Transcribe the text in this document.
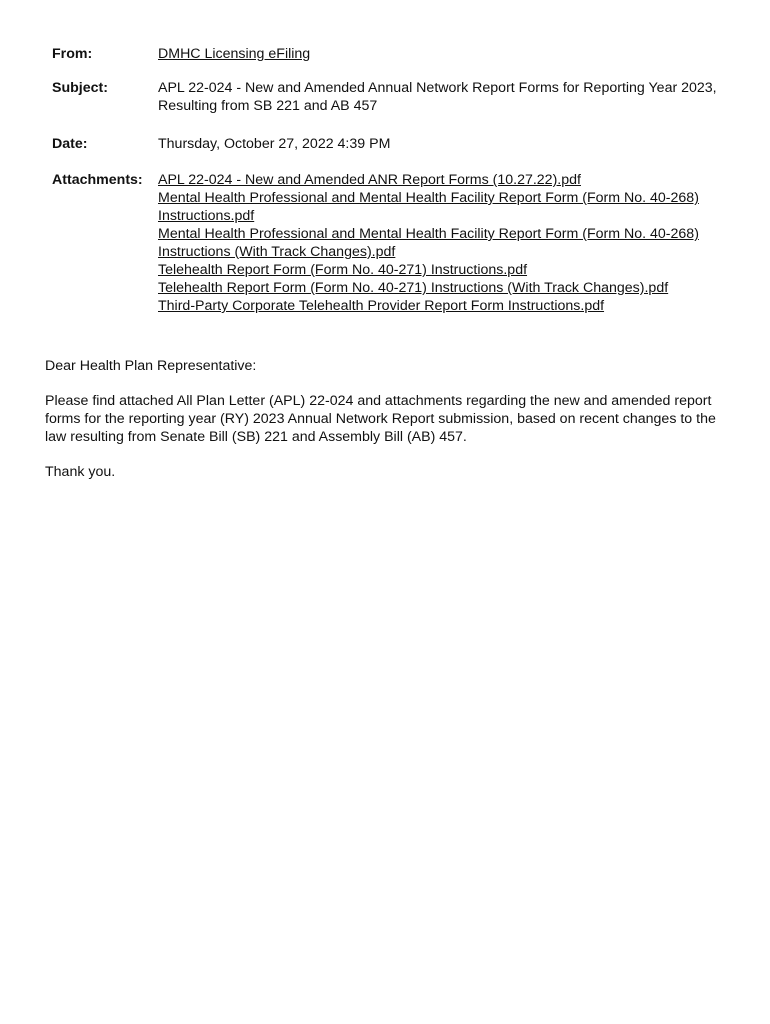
From:	DMHC Licensing eFiling
Subject:	APL 22-024 - New and Amended Annual Network Report Forms for Reporting Year 2023, Resulting from SB 221 and AB 457
Date:	Thursday, October 27, 2022 4:39 PM
Attachments:	APL 22-024 - New and Amended ANR Report Forms (10.27.22).pdf
Mental Health Professional and Mental Health Facility Report Form (Form No. 40-268) Instructions.pdf
Mental Health Professional and Mental Health Facility Report Form (Form No. 40-268) Instructions (With Track Changes).pdf
Telehealth Report Form (Form No. 40-271) Instructions.pdf
Telehealth Report Form (Form No. 40-271) Instructions (With Track Changes).pdf
Third-Party Corporate Telehealth Provider Report Form Instructions.pdf

Dear Health Plan Representative:

Please find attached All Plan Letter (APL) 22-024 and attachments regarding the new and amended report forms for the reporting year (RY) 2023 Annual Network Report submission, based on recent changes to the law resulting from Senate Bill (SB) 221 and Assembly Bill (AB) 457.

Thank you.
